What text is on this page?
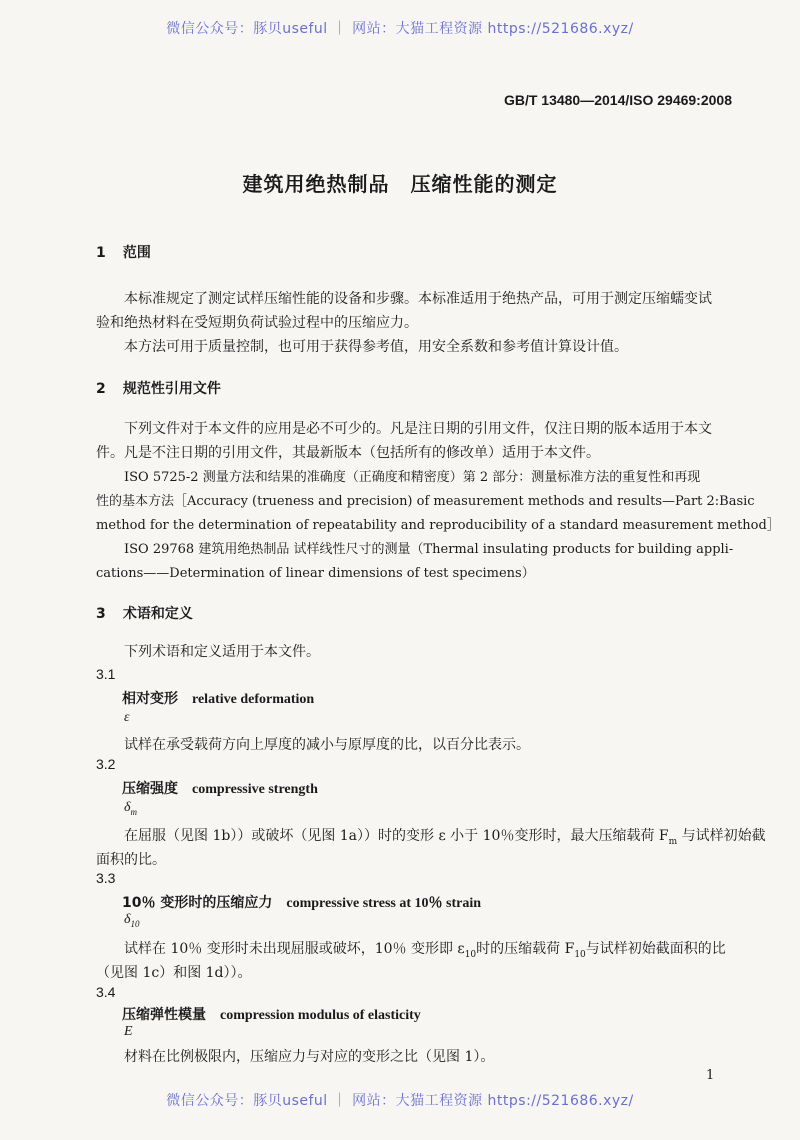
微信公众号：豚贝useful ｜ 网站：大猫工程资源 https://521686.xyz/
GB/T 13480—2014/ISO 29469:2008
建筑用绝热制品　压缩性能的测定
1 范围
本标准规定了测定试样压缩性能的设备和步骤。本标准适用于绝热产品，可用于测定压缩蠕变试
验和绝热材料在受短期负荷试验过程中的压缩应力。
本方法可用于质量控制，也可用于获得参考值，用安全系数和参考值计算设计值。
2 规范性引用文件
下列文件对于本文件的应用是必不可少的。凡是注日期的引用文件，仅注日期的版本适用于本文
件。凡是不注日期的引用文件，其最新版本（包括所有的修改单）适用于本文件。
ISO 5725-2 测量方法和结果的准确度（正确度和精密度）第 2 部分：测量标准方法的重复性和再现
性的基本方法［Accuracy (trueness and precision) of measurement methods and results—Part 2:Basic
method for the determination of repeatability and reproducibility of a standard measurement method］
ISO 29768 建筑用绝热制品 试样线性尺寸的测量（Thermal insulating products for building appli-
cations——Determination of linear dimensions of test specimens）
3 术语和定义
下列术语和定义适用于本文件。
3.1
相对变形 relative deformation
ε
试样在承受载荷方向上厚度的减小与原厚度的比，以百分比表示。
3.2
压缩强度 compressive strength
$\delta_m$
在屈服（见图 1b））或破坏（见图 1a））时的变形 ε 小于 10％变形时，最大压缩载荷 $F_m$ 与试样初始截
面积的比。
3.3
10％ 变形时的压缩应力 compressive stress at 10％ strain
$\delta_{10}$
试样在 10％ 变形时未出现屈服或破坏，10％ 变形即 $\varepsilon_{10}$时的压缩载荷 $F_{10}$与试样初始截面积的比
（见图 1c）和图 1d））。
3.4
压缩弹性模量 compression modulus of elasticity
E
材料在比例极限内，压缩应力与对应的变形之比（见图 1）。
1
微信公众号：豚贝useful ｜ 网站：大猫工程资源 https://521686.xyz/
